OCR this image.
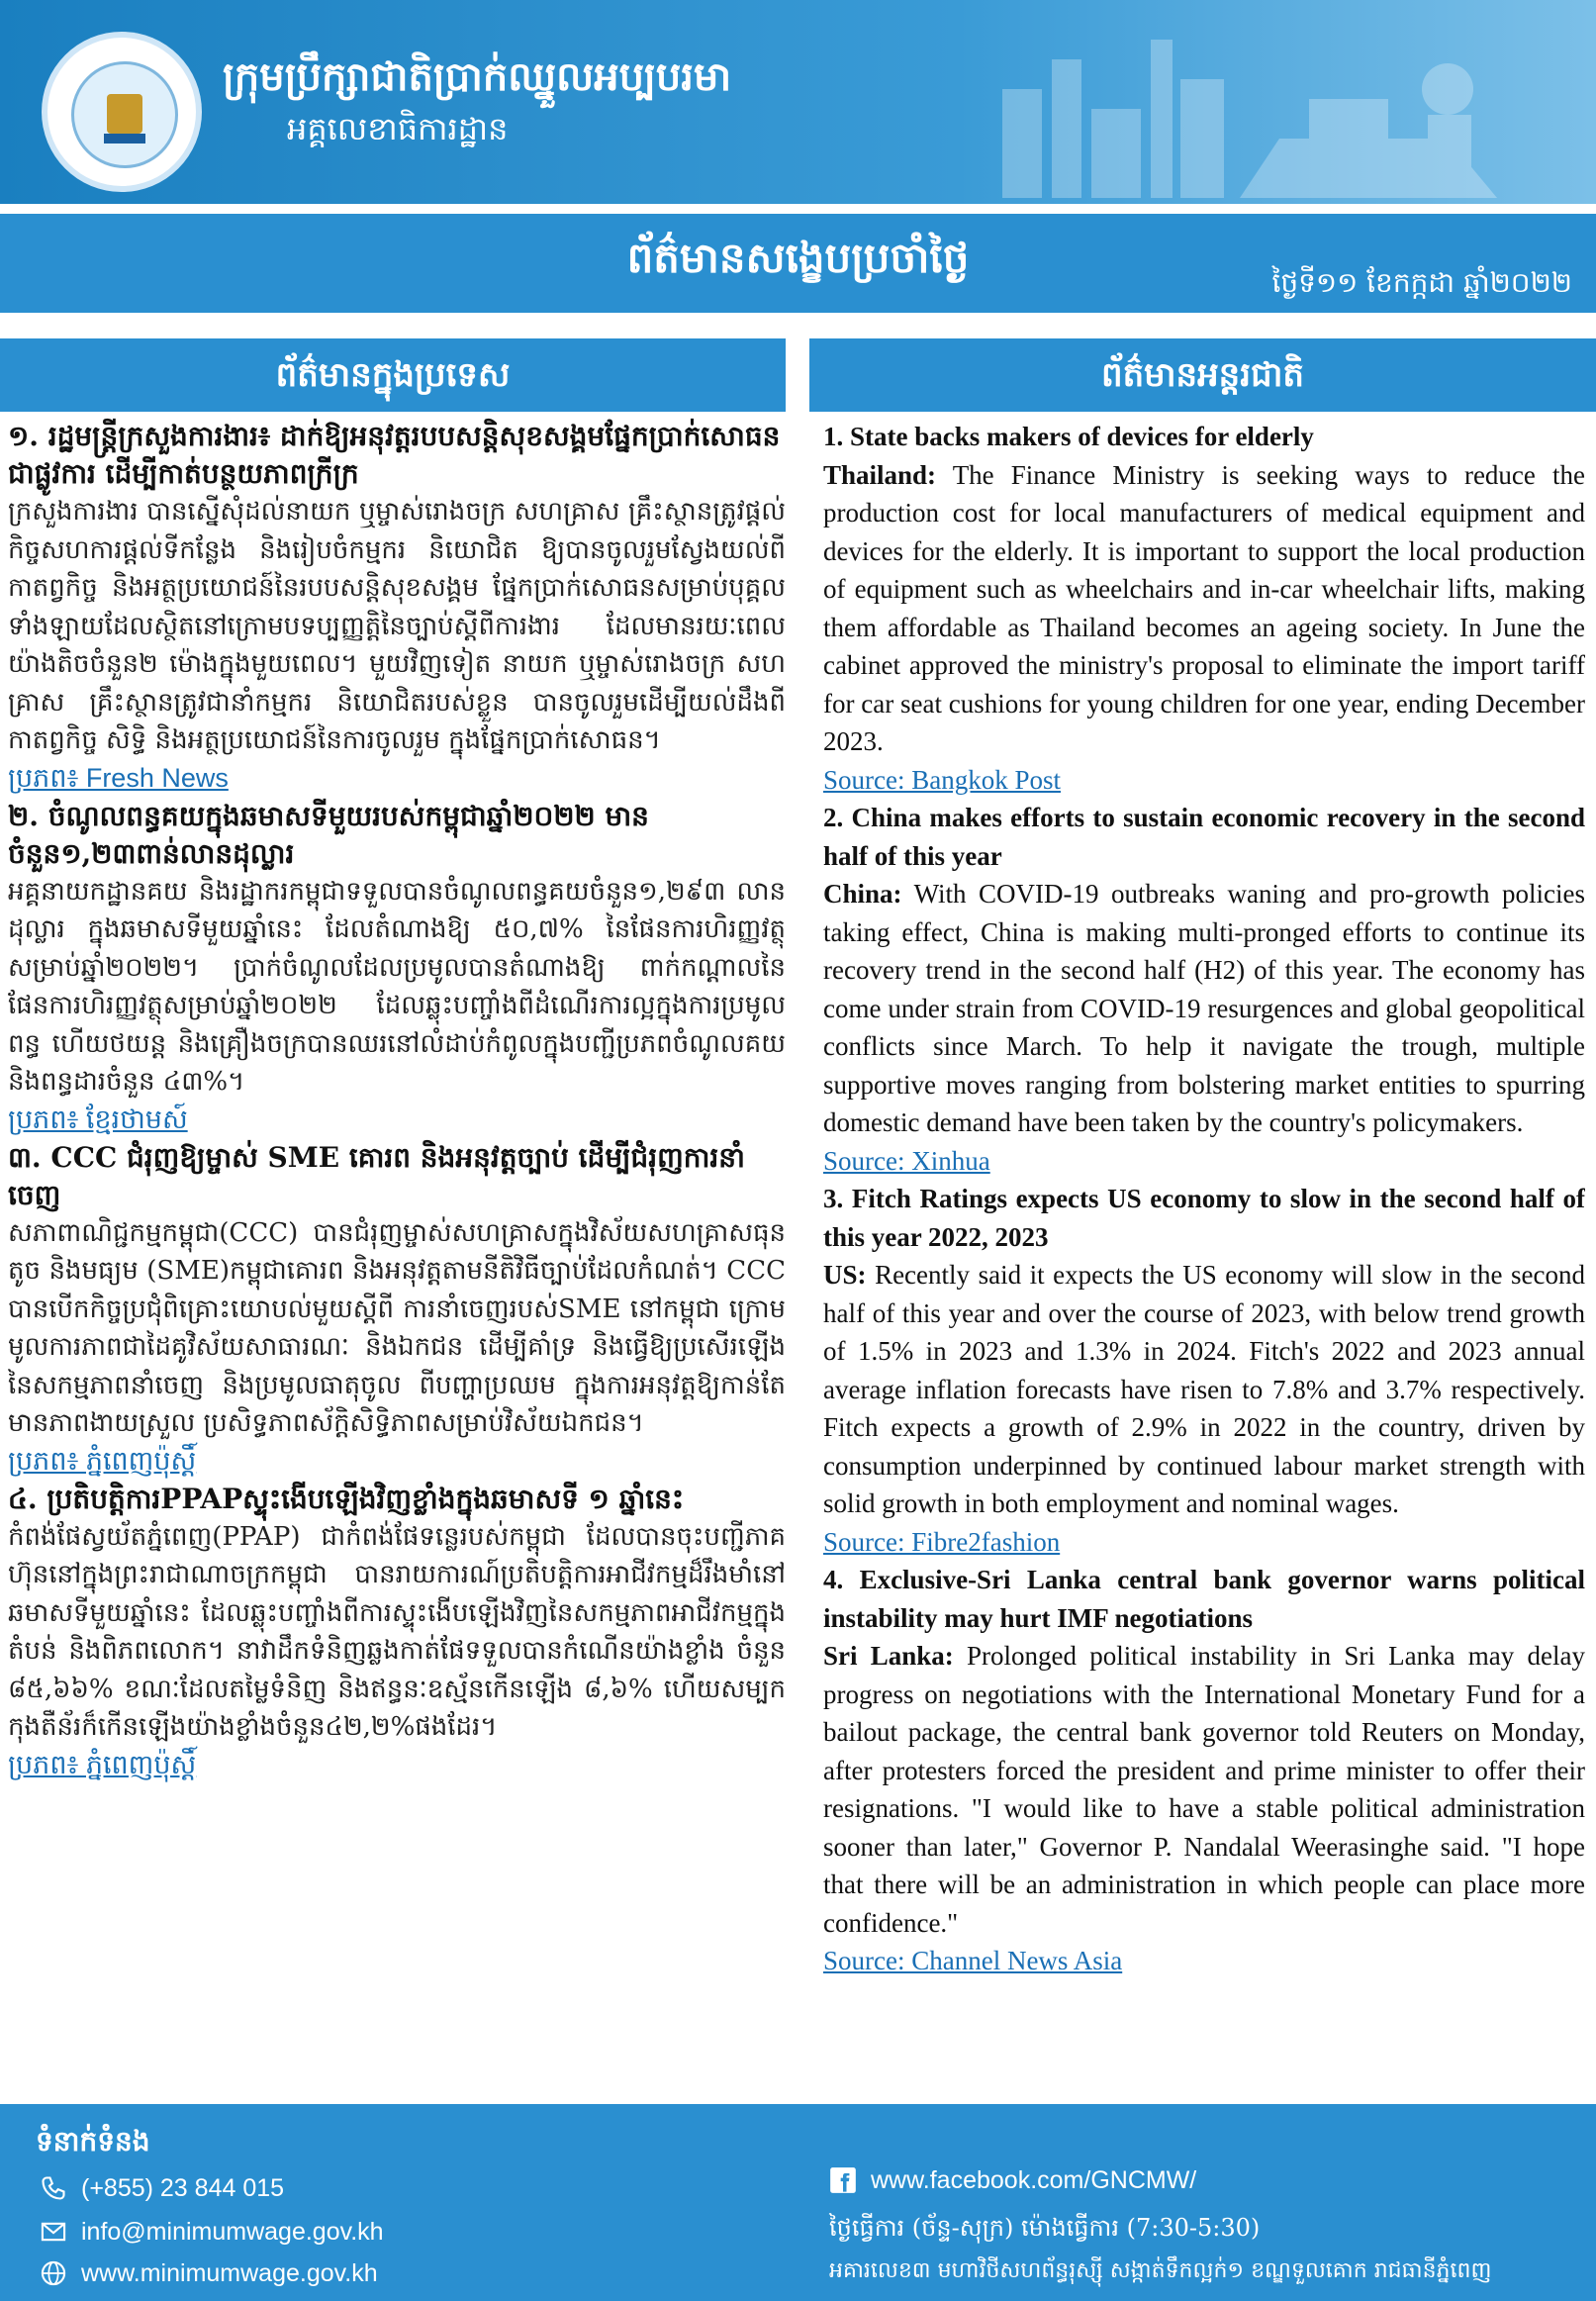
ក្រុមប្រឹក្សាជាតិប្រាក់ឈ្នួលអប្បបរមា
អគ្គលេខាធិការដ្ឋាន
ព័ត៌មានសង្ខេបប្រចាំថ្ងៃ
ថ្ងៃទី១១ ខែកក្កដា ឆ្នាំ២០២២
ព័ត៌មានក្នុងប្រទេស	ព័ត៌មានអន្តរជាតិ

១. រដ្ឋមន្ត្រីក្រសួងការងារ៖ ដាក់ឱ្យអនុវត្តរបបសន្តិសុខសង្គមផ្នែកប្រាក់សោធនជាផ្លូវការ ដើម្បីកាត់បន្ថយភាពក្រីក្រ

ក្រសួងការងារ បានស្នើសុំដល់នាយក ឬម្ចាស់រោងចក្រ សហគ្រាស គ្រឹះស្ថានត្រូវផ្ដល់កិច្ចសហការផ្ដល់ទីកន្លែង និងរៀបចំកម្មករ និយោជិត ឱ្យបានចូលរួមស្វែងយល់ពីកាតព្វកិច្ច និងអត្ថប្រយោជន៍នៃរបបសន្តិសុខសង្គម ផ្នែកប្រាក់សោធនសម្រាប់បុគ្គលទាំងឡាយដែលស្ថិតនៅក្រោមបទប្បញ្ញត្តិនៃច្បាប់ស្ដីពីការងារ ដែលមានរយៈពេលយ៉ាងតិចចំនួន២ ម៉ោងក្នុងមួយពេល។ មួយវិញទៀត នាយក ឬម្ចាស់រោងចក្រ សហគ្រាស គ្រឹះស្ថានត្រូវជានាំកម្មករ និយោជិតរបស់ខ្លួន បានចូលរួមដើម្បីយល់ដឹងពីកាតព្វកិច្ច សិទ្ធិ និងអត្ថប្រយោជន៍នៃការចូលរួម ក្នុងផ្នែកប្រាក់សោធន។

ប្រភព៖ Fresh News

២. ចំណូលពន្ធគយក្នុងឆមាសទីមួយរបស់កម្ពុជាឆ្នាំ២០២២ មានចំនួន១,២៣ពាន់លានដុល្លារ

អគ្គនាយកដ្ឋានគយ និងរដ្ឋាករកម្ពុជាទទួលបានចំណូលពន្ធគយចំនួន១,២៩៣ លានដុល្លារ ក្នុងឆមាសទីមួយឆ្នាំនេះ ដែលតំណាងឱ្យ ៥០,៧% នៃផែនការហិរញ្ញវត្ថុសម្រាប់ឆ្នាំ២០២២។ ប្រាក់ចំណូលដែលប្រមូលបានតំណាងឱ្យ ពាក់កណ្ដាលនៃផែនការហិរញ្ញវត្ថុសម្រាប់ឆ្នាំ២០២២ ដែលឆ្លុះបញ្ចាំងពីដំណើរការល្អក្នុងការប្រមូលពន្ធ ហើយថយន្ត និងគ្រឿងចក្របានឈរនៅលំដាប់កំពូលក្នុងបញ្ជីប្រភពចំណូលគយ និងពន្ធដារចំនួន ៤៣%។

ប្រភព៖ ខ្មែរថាមស៍

៣. CCC ជំរុញឱ្យម្ចាស់ SME គោរព និងអនុវត្តច្បាប់ ដើម្បីជំរុញការនាំចេញ

សភាពាណិជ្ជកម្មកម្ពុជា(CCC) បានជំរុញម្ចាស់សហគ្រាសក្នុងវិស័យសហគ្រាសធុនតូច និងមធ្យម (SME)កម្ពុជាគោរព និងអនុវត្តតាមនីតិវិធីច្បាប់ដែលកំណត់។ CCC បានបើកកិច្ចប្រជុំពិគ្រោះយោបល់មួយស្ដីពី ការនាំចេញរបស់SME នៅកម្ពុជា ក្រោមមូលការភាពជាដៃគូវិស័យសាធារណៈ និងឯកជន ដើម្បីគាំទ្រ និងធ្វើឱ្យប្រសើរឡើងនៃសកម្មភាពនាំចេញ និងប្រមូលធាតុចូល ពីបញ្ហាប្រឈម ក្នុងការអនុវត្តឱ្យកាន់តែមានភាពងាយស្រួល ប្រសិទ្ធភាពស័ក្តិសិទ្ធិភាពសម្រាប់វិស័យឯកជន។

ប្រភព៖ ភ្នំពេញប៉ុស្តិ៍

៤. ប្រតិបត្តិការPPAPស្ទុះងើបឡើងវិញខ្លាំងក្នុងឆមាសទី ១ ឆ្នាំនេះ

កំពង់ផែស្វយ័តភ្នំពេញ(PPAP) ជាកំពង់ផែទន្លេរបស់កម្ពុជា ដែលបានចុះបញ្ជីភាគហ៊ុននៅក្នុងព្រះរាជាណាចក្រកម្ពុជា បានរាយការណ៍ប្រតិបត្តិការអាជីវកម្មដ៏រឹងមាំនៅឆមាសទីមួយឆ្នាំនេះ ដែលឆ្លុះបញ្ចាំងពីការស្ទុះងើបឡើងវិញនៃសកម្មភាពអាជីវកម្មក្នុងតំបន់ និងពិភពលោក។ នាវាដឹកទំនិញឆ្លងកាត់ផែទទួលបានកំណើនយ៉ាងខ្លាំង ចំនួន ៨៥,៦៦% ខណៈដែលតម្លៃទំនិញ និងឥន្ធនៈឧស្ម័នកើនឡើង ៨,៦% ហើយសម្បកកុងតឺន័រក៏កើនឡើងយ៉ាងខ្លាំងចំនួន៤២,២%ផងដែរ។

ប្រភព៖ ភ្នំពេញប៉ុស្តិ៍

1. State backs makers of devices for elderly

Thailand: The Finance Ministry is seeking ways to reduce the production cost for local manufacturers of medical equipment and devices for the elderly. It is important to support the local production of equipment such as wheelchairs and in-car wheelchair lifts, making them affordable as Thailand becomes an ageing society. In June the cabinet approved the ministry's proposal to eliminate the import tariff for car seat cushions for young children for one year, ending December 2023.

Source: Bangkok Post

2. China makes efforts to sustain economic recovery in the second half of this year

China: With COVID-19 outbreaks waning and pro-growth policies taking effect, China is making multi-pronged efforts to continue its recovery trend in the second half (H2) of this year. The economy has come under strain from COVID-19 resurgences and global geopolitical conflicts since March. To help it navigate the trough, multiple supportive moves ranging from bolstering market entities to spurring domestic demand have been taken by the country's policymakers.

Source: Xinhua

3. Fitch Ratings expects US economy to slow in the second half of this year 2022, 2023

US: Recently said it expects the US economy will slow in the second half of this year and over the course of 2023, with below trend growth of 1.5% in 2023 and 1.3% in 2024. Fitch's 2022 and 2023 annual average inflation forecasts have risen to 7.8% and 3.7% respectively. Fitch expects a growth of 2.9% in 2022 in the country, driven by consumption underpinned by continued labour market strength with solid growth in both employment and nominal wages.

Source: Fibre2fashion

4. Exclusive-Sri Lanka central bank governor warns political instability may hurt IMF negotiations

Sri Lanka: Prolonged political instability in Sri Lanka may delay progress on negotiations with the International Monetary Fund for a bailout package, the central bank governor told Reuters on Monday, after protesters forced the president and prime minister to offer their resignations. "I would like to have a stable political administration sooner than later," Governor P. Nandalal Weerasinghe said. "I hope that there will be an administration in which people can place more confidence."

Source: Channel News Asia
ទំនាក់ទំនង
(+855) 23 844 015
info@minimumwage.gov.kh
www.minimumwage.gov.kh
www.facebook.com/GNCMW/
ថ្ងៃធ្វើការ (ច័ន្ទ-សុក្រ) ម៉ោងធ្វើការ (7:30-5:30)
អគារលេខ៣ មហាវិថីសហព័ន្ធរុស្ស៊ី សង្កាត់ទឹកល្អក់១ ខណ្ឌទួលគោក រាជធានីភ្នំពេញ
